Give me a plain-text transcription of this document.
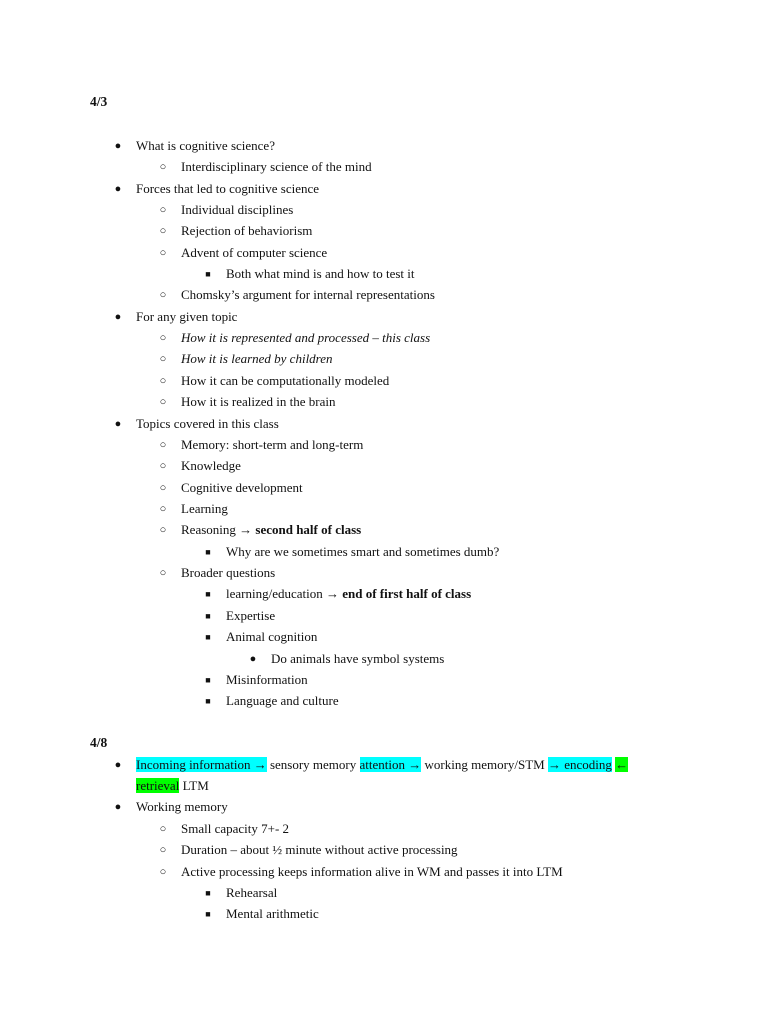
4/3
● What is cognitive science?
○ Interdisciplinary science of the mind
● Forces that led to cognitive science
○ Individual disciplines
○ Rejection of behaviorism
○ Advent of computer science
■	Both what mind is and how to test it
○ Chomsky’s argument for internal representations
● For any given topic
○ How it is represented and processed – this class
○ How it is learned by children
○ How it can be computationally modeled
○ How it is realized in the brain
● Topics covered in this class
○ Memory: short-term and long-term
○ Knowledge
○ Cognitive development
○ Learning
○ Reasoning → second half of class
■	Why are we sometimes smart and sometimes dumb?
○ Broader questions
■	learning/education → end of first half of class
■	Expertise
■	Animal cognition
● Do animals have symbol systems
■	Misinformation
■	Language and culture
4/8
● Incoming information → sensory memory attention → working memory/STM → encoding ←
retrieval LTM
● Working memory
○ Small capacity 7+- 2
○ Duration – about ½ minute without active processing
○ Active processing keeps information alive in WM and passes it into LTM
■	Rehearsal
■	Mental arithmetic
